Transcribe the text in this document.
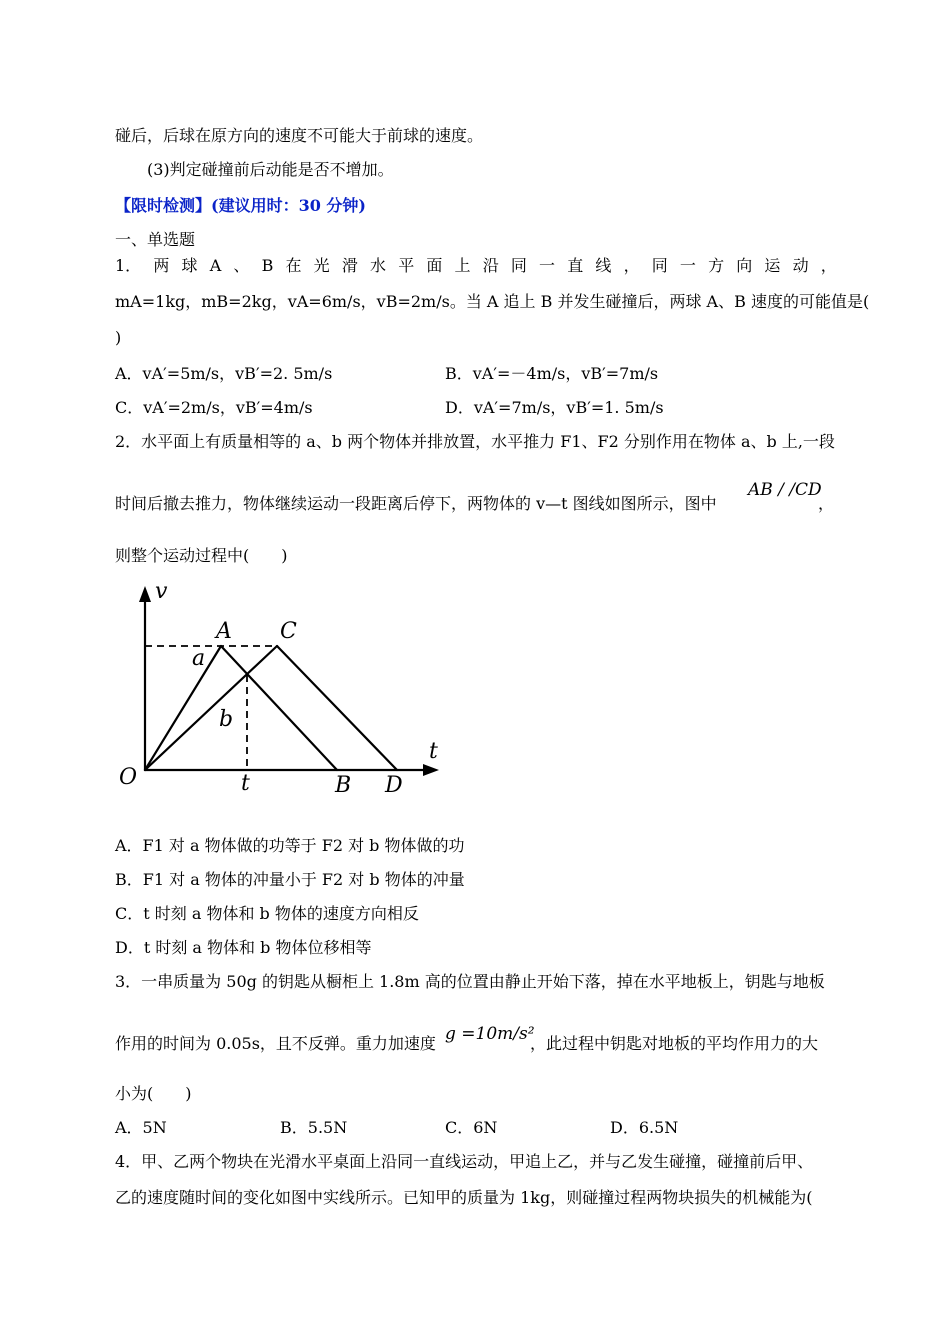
碰后，后球在原方向的速度不可能大于前球的速度。
(3)判定碰撞前后动能是否不增加。
【限时检测】(建议用时：30 分钟)
一、单选题
1． 两 球 A 、 B 在 光 滑 水 平 面 上 沿 同 一 直 线 ， 同 一 方 向 运 动 ，
mA=1kg，mB=2kg，vA=6m/s，vB=2m/s。当 A 追上 B 并发生碰撞后，两球 A、B 速度的可能值是(
)
A．vA′=5m/s，vB′=2. 5m/s	B．vA′=－4m/s，vB′=7m/s
C．vA′=2m/s，vB′=4m/s	D．vA′=7m/s，vB′=1. 5m/s
2．水平面上有质量相等的 a、b 两个物体并排放置，水平推力 F1、F2 分别作用在物体 a、b 上,一段
时间后撤去推力，物体继续运动一段距离后停下，两物体的 v—t 图线如图所示，图中
AB / /CD
，
则整个运动过程中(　　)
v
t
O
A C
a
b
t	B D
A．F1 对 a 物体做的功等于 F2 对 b 物体做的功
B．F1 对 a 物体的冲量小于 F2 对 b 物体的冲量
C．t 时刻 a 物体和 b 物体的速度方向相反
D．t 时刻 a 物体和 b 物体位移相等
3．一串质量为 50g 的钥匙从橱柜上 1.8m 高的位置由静止开始下落，掉在水平地板上，钥匙与地板
作用的时间为 0.05s，且不反弹。重力加速度 g =10m/s²
，此过程中钥匙对地板的平均作用力的大
小为(　　)
A．5N	B．5.5N	C．6N	D．6.5N
4．甲、乙两个物块在光滑水平桌面上沿同一直线运动，甲追上乙，并与乙发生碰撞，碰撞前后甲、
乙的速度随时间的变化如图中实线所示。已知甲的质量为 1kg，则碰撞过程两物块损失的机械能为(
